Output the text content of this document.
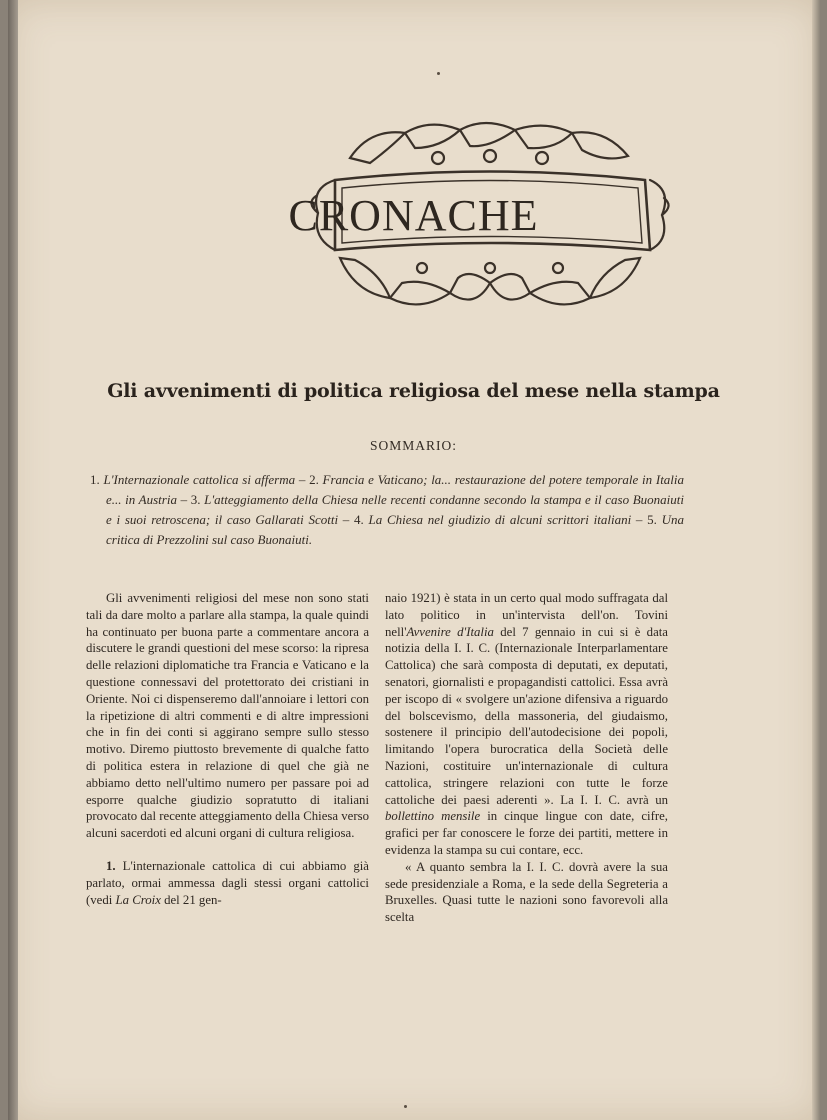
CRONACHE
Gli avvenimenti di politica religiosa del mese nella stampa
SOMMARIO:
1. L'Internazionale cattolica si afferma – 2. Francia e Vaticano; la... restaurazione del potere temporale in Italia e... in Austria – 3. L'atteggiamento della Chiesa nelle recenti condanne secondo la stampa e il caso Buonaiuti e i suoi retroscena; il caso Gallarati Scotti – 4. La Chiesa nel giudizio di alcuni scrittori italiani – 5. Una critica di Prezzolini sul caso Buonaiuti.

Gli avvenimenti religiosi del mese non sono stati tali da dare molto a parlare alla stampa, la quale quindi ha continuato per buona parte a commentare ancora a discutere le grandi questioni del mese scorso: la ripresa delle relazioni diplomatiche tra Francia e Vaticano e la questione connessavi del protettorato dei cristiani in Oriente. Noi ci dispenseremo dall'annoiare i lettori con la ripetizione di altri commenti e di altre impressioni che in fin dei conti si aggirano sempre sullo stesso motivo. Diremo piuttosto brevemente di qualche fatto di politica estera in relazione di quel che già ne abbiamo detto nell'ultimo numero per passare poi ad esporre qualche giudizio sopratutto di italiani provocato dal recente atteggiamento della Chiesa verso alcuni sacerdoti ed alcuni organi di cultura religiosa.

1. L'internazionale cattolica di cui abbiamo già parlato, ormai ammessa dagli stessi organi cattolici (vedi La Croix del 21 gen-

naio 1921) è stata in un certo qual modo suffragata dal lato politico in un'intervista dell'on. Tovini nell'Avvenire d'Italia del 7 gennaio in cui si è data notizia della I. I. C. (Internazionale Interparlamentare Cattolica) che sarà composta di deputati, ex deputati, senatori, giornalisti e propagandisti cattolici. Essa avrà per iscopo di « svolgere un'azione difensiva a riguardo del bolscevismo, della massoneria, del giudaismo, sostenere il principio dell'autodecisione dei popoli, limitando l'opera burocratica della Società delle Nazioni, costituire un'internazionale di cultura cattolica, stringere relazioni con tutte le forze cattoliche dei paesi aderenti ». La I. I. C. avrà un bollettino mensile in cinque lingue con date, cifre, grafici per far conoscere le forze dei partiti, mettere in evidenza la stampa su cui contare, ecc.

« A quanto sembra la I. I. C. dovrà avere la sua sede presidenziale a Roma, e la sede della Segreteria a Bruxelles. Quasi tutte le nazioni sono favorevoli alla scelta
